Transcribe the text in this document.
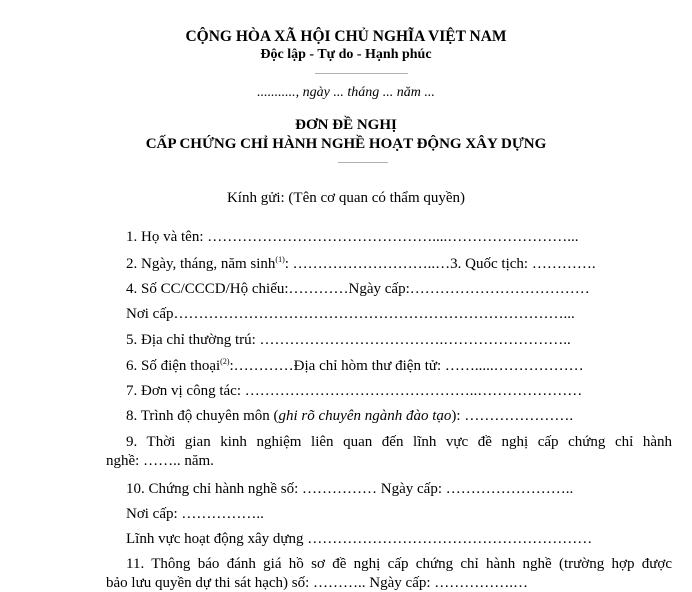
CỘNG HÒA XÃ HỘI CHỦ NGHĨA VIỆT NAM
Độc lập - Tự do - Hạnh phúc
..........., ngày ... tháng ... năm ...
ĐƠN ĐỀ NGHỊ
CẤP CHỨNG CHỈ HÀNH NGHỀ HOẠT ĐỘNG XÂY DỰNG
Kính gửi: (Tên cơ quan có thẩm quyền)
1. Họ và tên: ………………………………………....……………………...
2. Ngày, tháng, năm $\sinh^{(1)}$: ………………………..…3. Quốc tịch: ………….
4. Số CC/CCCD/Hộ chiếu:…………Ngày cấp:………………………………
Nơi cấp……………………………………………………………………...
5. Địa chỉ thường trú: ……………………………….……………………..
6. Số điện thoại$^{(2)}$:…………Địa chỉ hòm thư điện tử: …….....………………
7. Đơn vị công tác: ………………………………………..…………………
8. Trình độ chuyên môn (ghi rõ chuyên ngành đào tạo): ………………….
9. Thời gian kinh nghiệm liên quan đến lĩnh vực đề nghị cấp chứng chỉ hành
nghề: …….. năm.
10. Chứng chỉ hành nghề số: …………… Ngày cấp: ……………………..
Nơi cấp: ……………..
Lĩnh vực hoạt động xây dựng …………………………………………………
11. Thông báo đánh giá hồ sơ đề nghị cấp chứng chỉ hành nghề (trường hợp được
bảo lưu quyền dự thi sát hạch) số: ……….. Ngày cấp: …………….…
